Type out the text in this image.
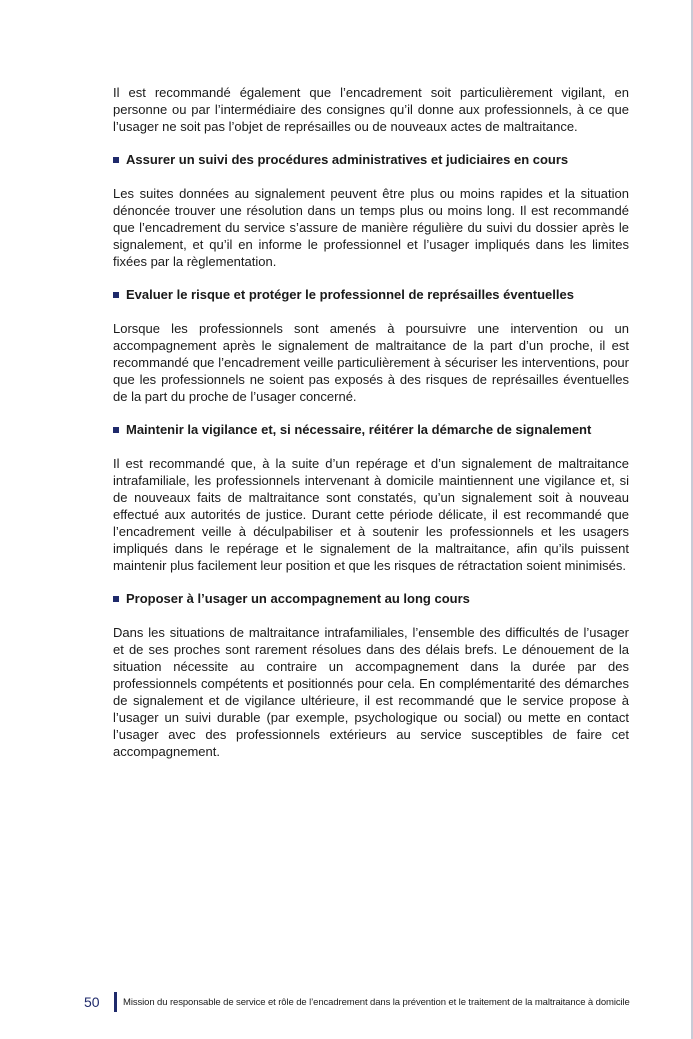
Il est recommandé également que l’encadrement soit particulièrement vigilant, en personne ou par l’intermédiaire des consignes qu’il donne aux professionnels, à ce que l’usager ne soit pas l’objet de représailles ou de nouveaux actes de maltraitance.

Assurer un suivi des procédures administratives et judiciaires en cours

Les suites données au signalement peuvent être plus ou moins rapides et la situation dénoncée trouver une résolution dans un temps plus ou moins long. Il est recommandé que l’encadrement du service s’assure de manière régulière du suivi du dossier après le signalement, et qu’il en informe le professionnel et l’usager impliqués dans les limites fixées par la règlementation.

Evaluer le risque et protéger le professionnel de représailles éventuelles

Lorsque les professionnels sont amenés à poursuivre une intervention ou un accompagnement après le signalement de maltraitance de la part d’un proche, il est recommandé que l’encadrement veille particulièrement à sécuriser les interventions, pour que les professionnels ne soient pas exposés à des risques de représailles éventuelles de la part du proche de l’usager concerné.

Maintenir la vigilance et, si nécessaire, réitérer la démarche de signalement

Il est recommandé que, à la suite d’un repérage et d’un signalement de maltraitance intrafamiliale, les professionnels intervenant à domicile maintiennent une vigilance et, si de nouveaux faits de maltraitance sont constatés, qu’un signalement soit à nouveau effectué aux autorités de justice. Durant cette période délicate, il est recommandé que l’encadrement veille à déculpabiliser et à soutenir les professionnels et les usagers impliqués dans le repérage et le signalement de la maltraitance, afin qu’ils puissent maintenir plus facilement leur position et que les risques de rétractation soient minimisés.

Proposer à l’usager un accompagnement au long cours

Dans les situations de maltraitance intrafamiliales, l’ensemble des difficultés de l’usager et de ses proches sont rarement résolues dans des délais brefs. Le dénouement de la situation nécessite au contraire un accompagnement dans la durée par des professionnels compétents et positionnés pour cela. En complémentarité des démarches de signalement et de vigilance ultérieure, il est recommandé que le service propose à l’usager un suivi durable (par exemple, psychologique ou social) ou mette en contact l’usager avec des professionnels extérieurs au service susceptibles de faire cet accompagnement.

50	Mission du responsable de service et rôle de l’encadrement dans la prévention et le traitement de la maltraitance à domicile
